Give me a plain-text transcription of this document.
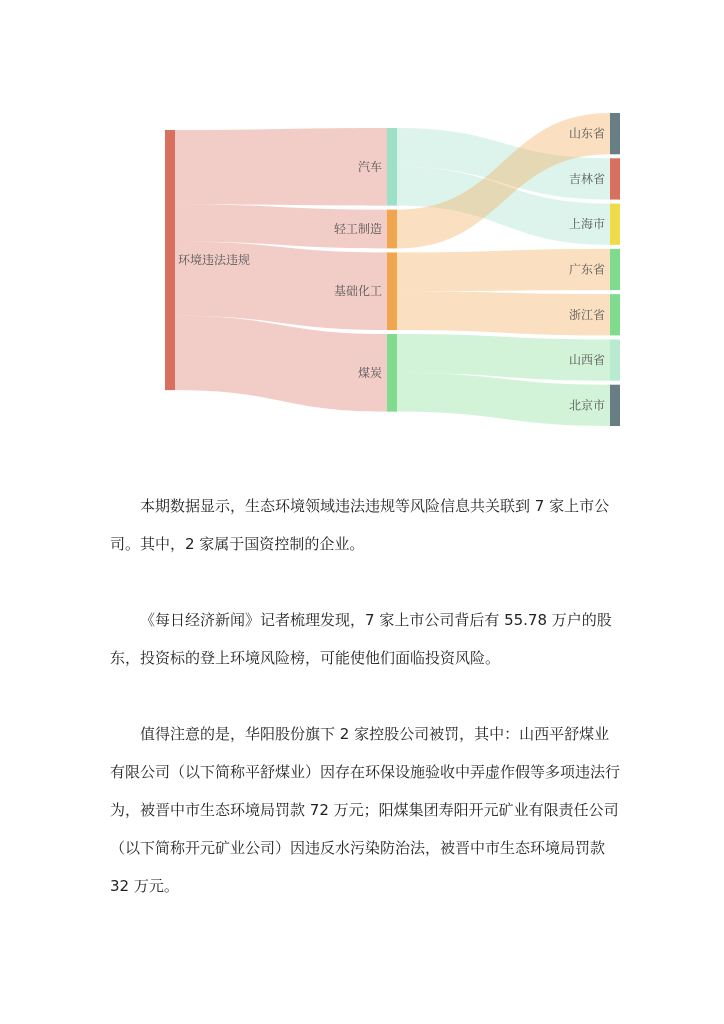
环境违法违规
汽车
轻工制造
基础化工
煤炭
山东省
吉林省
上海市
广东省
浙江省
山西省
北京市

本期数据显示，生态环境领域违法违规等风险信息共关联到 7 家上市公司。其中，2 家属于国资控制的企业。

《每日经济新闻》记者梳理发现，7 家上市公司背后有 55.78 万户的股东，投资标的登上环境风险榜，可能使他们面临投资风险。

值得注意的是，华阳股份旗下 2 家控股公司被罚，其中：山西平舒煤业有限公司（以下简称平舒煤业）因存在环保设施验收中弄虚作假等多项违法行为，被晋中市生态环境局罚款 72 万元；阳煤集团寿阳开元矿业有限责任公司（以下简称开元矿业公司）因违反水污染防治法，被晋中市生态环境局罚款 32 万元。
